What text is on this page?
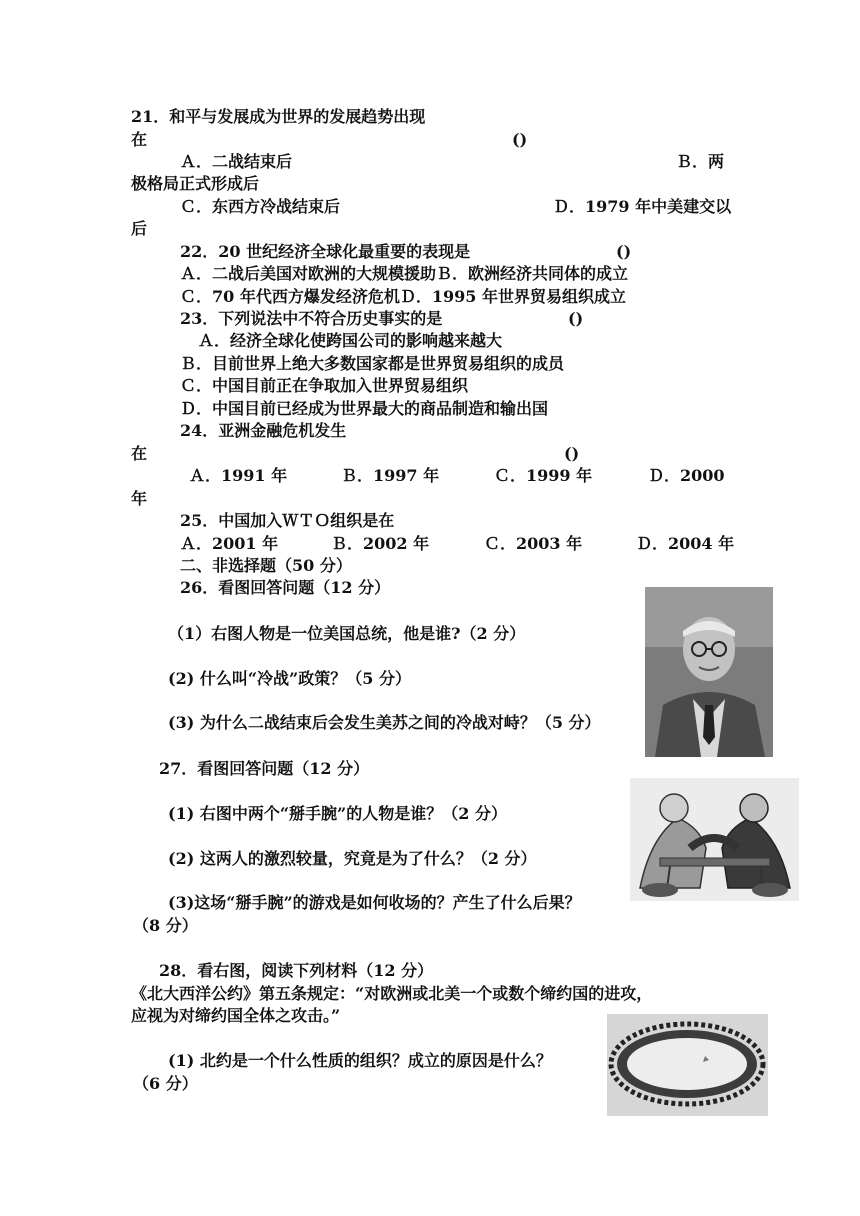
21．和平与发展成为世界的发展趋势出现
在	()
Ａ．二战结束后	Ｂ．两
极格局正式形成后
Ｃ．东西方冷战结束后	Ｄ．1979 年中美建交以
后
22．20 世纪经济全球化最重要的表现是	()
Ａ．二战后美国对欧洲的大规模援助Ｂ．欧洲经济共同体的成立
Ｃ．70 年代西方爆发经济危机Ｄ．1995 年世界贸易组织成立
23．下列说法中不符合历史事实的是	()
Ａ．经济全球化使跨国公司的影响越来越大
Ｂ．目前世界上绝大多数国家都是世界贸易组织的成员
Ｃ．中国目前正在争取加入世界贸易组织
Ｄ．中国目前已经成为世界最大的商品制造和输出国
24．亚洲金融危机发生
在	()
Ａ．1991 年	Ｂ．1997 年	Ｃ．1999 年	Ｄ．2000
年
25．中国加入ＷＴＯ组织是在
Ａ．2001 年	Ｂ．2002 年	Ｃ．2003 年	Ｄ．2004 年
二、非选择题（50 分）
26．看图回答问题（12 分）
（1）右图人物是一位美国总统，他是谁?（2 分）
(2) 什么叫“冷战”政策？（5 分）
(3) 为什么二战结束后会发生美苏之间的冷战对峙？（5 分）
27．看图回答问题（12 分）
(1) 右图中两个“掰手腕”的人物是谁？（2 分）
(2) 这两人的激烈较量，究竟是为了什么？（2 分）
(3)这场“掰手腕”的游戏是如何收场的？产生了什么后果？
（8 分）
28．看右图，阅读下列材料（12 分）
《北大西洋公约》第五条规定：“对欧洲或北美一个或数个缔约国的进攻，
应视为对缔约国全体之攻击。”
(1) 北约是一个什么性质的组织？成立的原因是什么？
（6 分）
